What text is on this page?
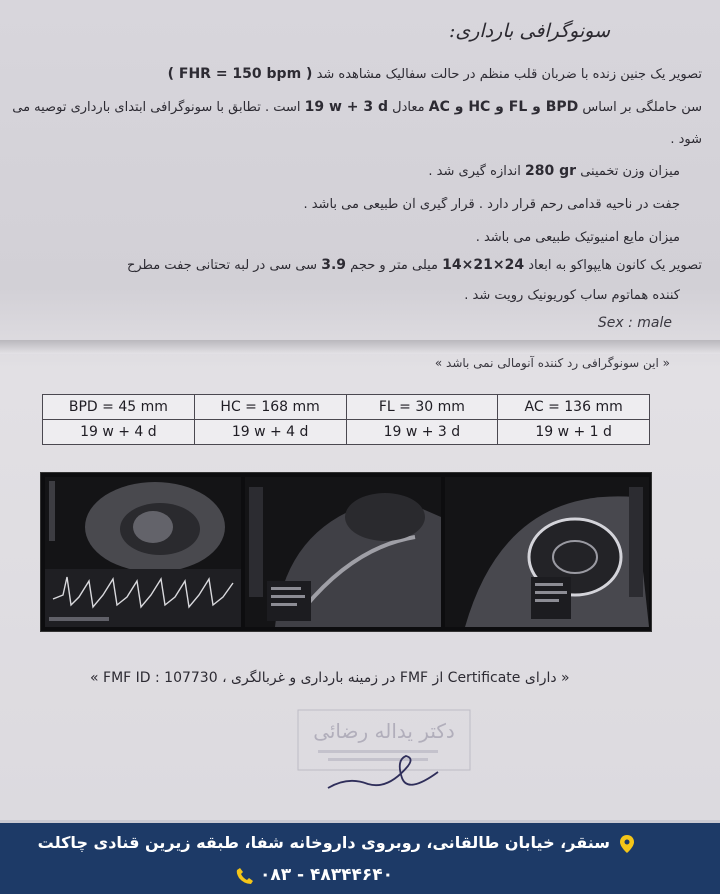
سونوگرافی بارداری:
تصویر یک جنین زنده با ضربان قلب منظم در حالت سفالیک مشاهده شد ( FHR = 150 bpm )
سن حاملگی بر اساس BPD و FL و HC و AC معادل 19 w + 3 d است . تطابق با سونوگرافی ابتدای بارداری توصیه می
شود .
میزان وزن تخمینی 280 gr اندازه گیری شد .
جفت در ناحیه قدامی رحم قرار دارد . قرار گیری آن طبیعی می باشد .
میزان مایع آمنیوتیک طبیعی می باشد .
تصویر یک کانون هایپواکو به ابعاد 14×21×24 میلی متر و حجم 3.9 سی سی در لبه تحتانی جفت مطرح
کننده هماتوم ساب کوریونیک رویت شد .
Sex : male
« این سونوگرافی رد کننده آنومالی نمی باشد »
BPD = 45 mm	HC = 168 mm	FL = 30 mm	AC = 136 mm
19 w + 4 d	19 w + 4 d	19 w + 3 d	19 w + 1 d
« دارای Certificate از FMF در زمینه بارداری و غربالگری ، FMF ID : 107730 »
دکتر یداله رضائی
سنقر، خیابان طالقانی، روبروی داروخانه شفا، طبقه زیرین قنادی چاکلت
۰۸۳ - ۴۸۳۴۴۶۴۰
